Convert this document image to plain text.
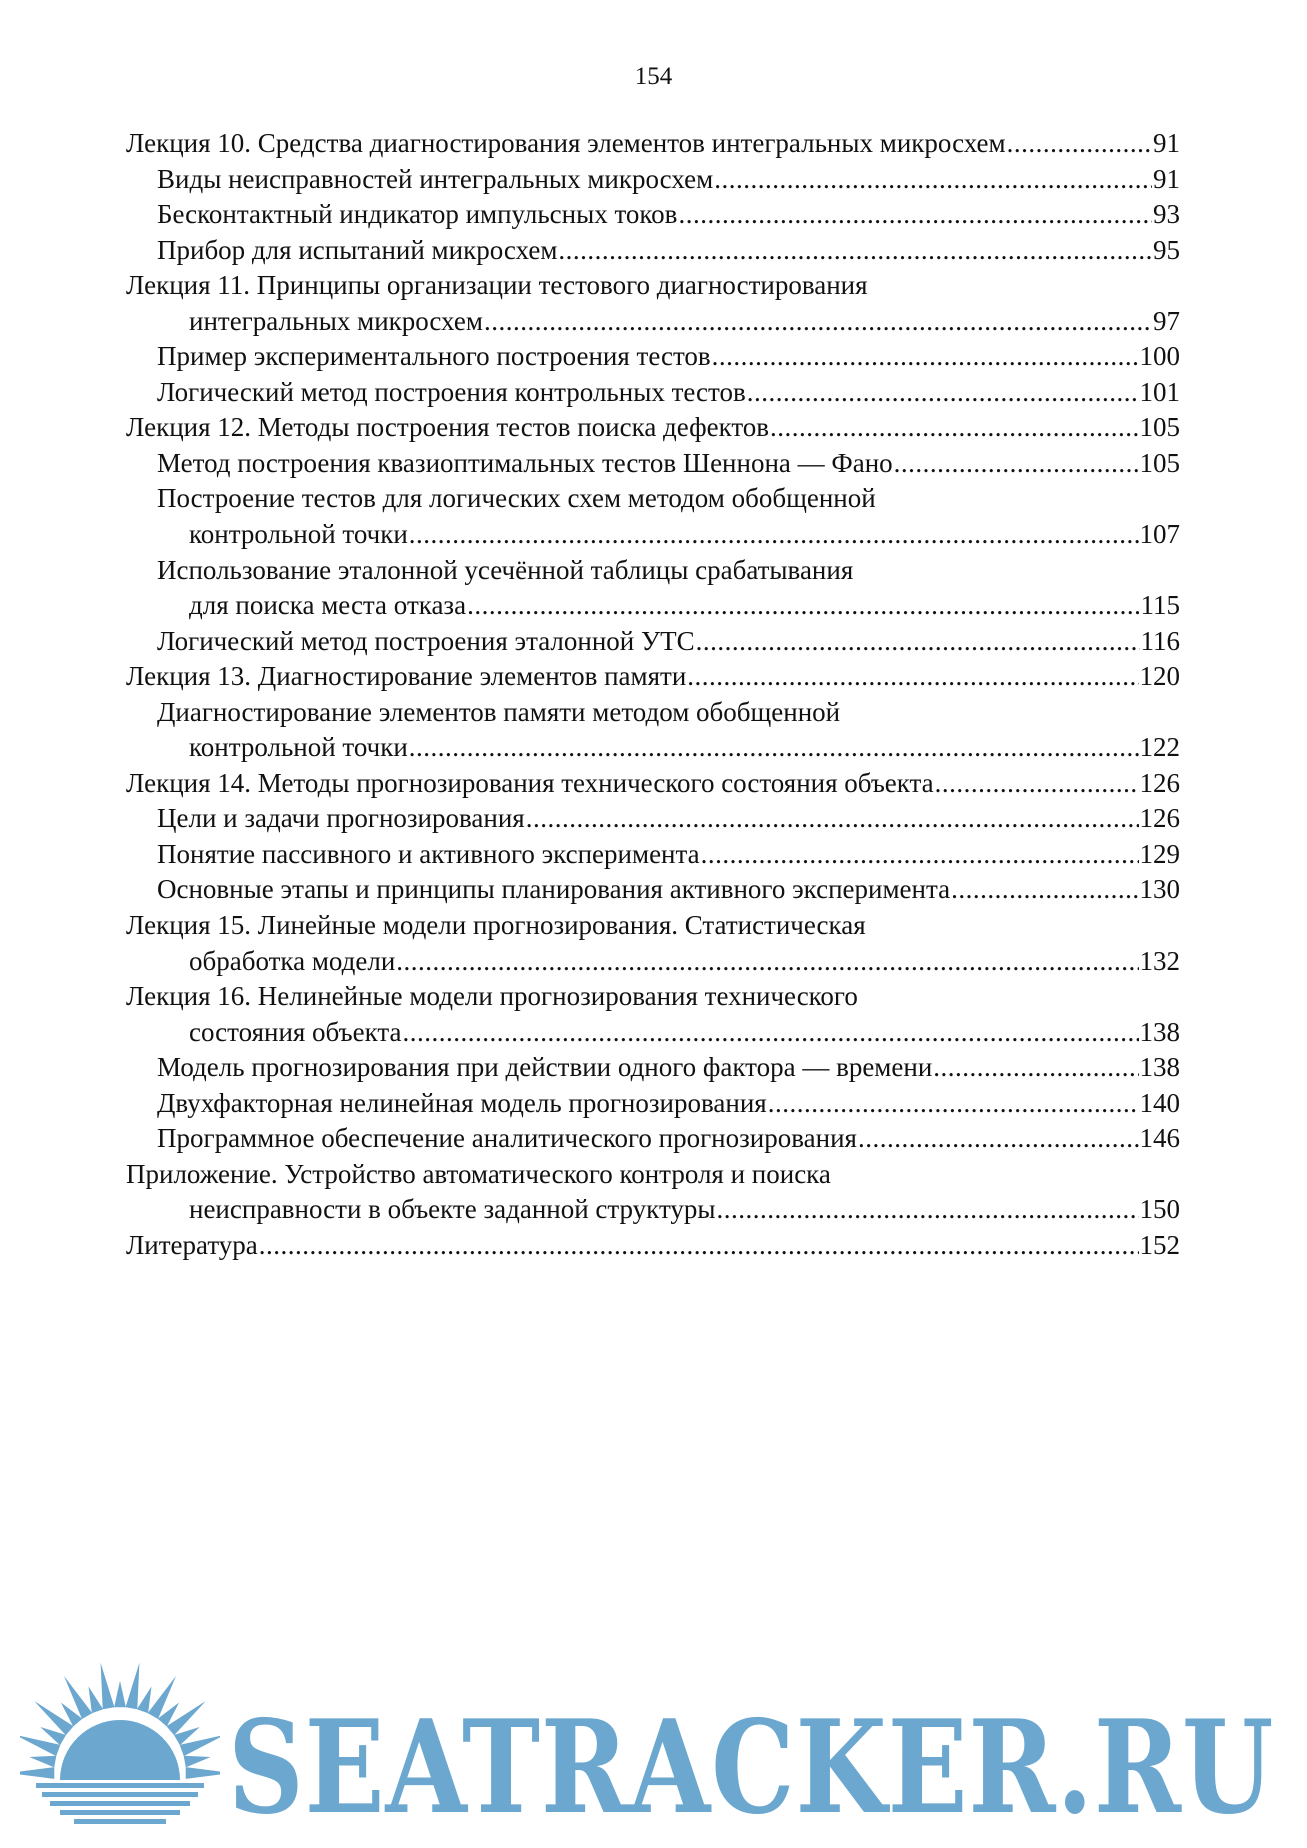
154
Лекция 10. Средства диагностирования элементов интегральных микросхем .....	91
Виды неисправностей интегральных микросхем .....	91
Бесконтактный индикатор импульсных токов .....	93
Прибор для испытаний микросхем .....	95
Лекция 11. Принципы организации тестового диагностирования
интегральных микросхем .....	97
Пример экспериментального построения тестов .....	100
Логический метод построения контрольных тестов .....	101
Лекция 12. Методы построения тестов поиска дефектов .....	105
Метод построения квазиоптимальных тестов Шеннона — Фано .....	105
Построение тестов для логических схем методом обобщенной
контрольной точки .....	107
Использование эталонной усечённой таблицы срабатывания
для поиска места отказа .....	115
Логический метод построения эталонной УТС .....	116
Лекция 13. Диагностирование элементов памяти .....	120
Диагностирование элементов памяти методом обобщенной
контрольной точки .....	122
Лекция 14. Методы прогнозирования технического состояния объекта .....	126
Цели и задачи прогнозирования .....	126
Понятие пассивного и активного эксперимента .....	129
Основные этапы и принципы планирования активного эксперимента .....	130
Лекция 15. Линейные модели прогнозирования. Статистическая
обработка модели .....	132
Лекция 16. Нелинейные модели прогнозирования технического
состояния объекта .....	138
Модель прогнозирования при действии одного фактора — времени .....	138
Двухфакторная нелинейная модель прогнозирования .....	140
Программное обеспечение аналитического прогнозирования .....	146
Приложение. Устройство автоматического контроля и поиска
неисправности в объекте заданной структуры .....	150
Литература .....	152
SEATRACKER.RU
